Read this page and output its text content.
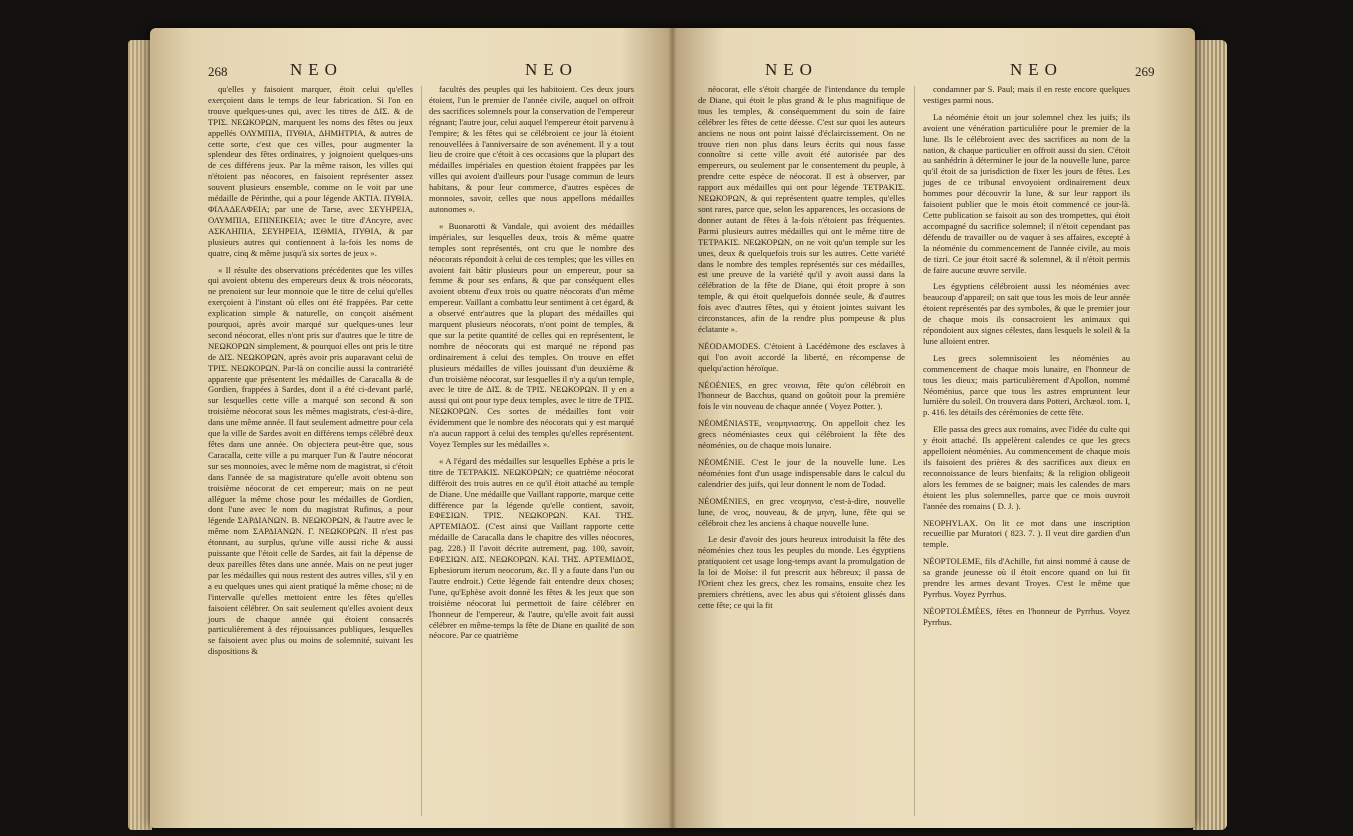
268	NEO	NEO

qu'elles y faisoient marquer, étoit celui qu'elles exerçoient dans le temps de leur fabrication. Si l'on en trouve quelques-unes qui, avec les titres de ΔΙΣ. & de ΤΡΙΣ. ΝΕΩΚΟΡΩΝ, marquent les noms des fêtes ou jeux appellés ΟΛΥΜΠΙΑ, ΠΥΘΙΑ, ΔΗΜΗΤΡΙΑ, & autres de cette sorte, c'est que ces villes, pour augmenter la splendeur des fêtes ordinaires, y joignoient quelques-uns de ces différens jeux. Par la même raison, les villes qui n'étoient pas néocores, en faisoient représenter assez souvent plusieurs ensemble, comme on le voit par une médaille de Périnthe, qui a pour légende ΑΚΤΙΑ. ΠΥΘΙΑ. ΦΙΛΑΔΕΛΦΕΙΑ; par une de Tarse, avec ΣΕΥΗΡΕΙΑ, ΟΛΥΜΠΙΑ, ΕΠΙΝΕΙΚΕΙΑ; avec le titre d'Ancyre, avec ΑΣΚΛΗΠΙΑ, ΣΕΥΗΡΕΙΑ, ΙΣΘΜΙΑ, ΠΥΘΙΑ, & par plusieurs autres qui contiennent à la-fois les noms de quatre, cinq & même jusqu'à six sortes de jeux ».

« Il résulte des observations précédentes que les villes qui avoient obtenu des empereurs deux & trois néocorats, ne prenoient sur leur monnoie que le titre de celui qu'elles exerçoient à l'instant où elles ont été frappées. Par cette explication simple & naturelle, on conçoit aisément pourquoi, après avoir marqué sur quelques-unes leur second néocorat, elles n'ont pris sur d'autres que le titre de ΝΕΩΚΟΡΩΝ simplement, & pourquoi elles ont pris le titre de ΔΙΣ. ΝΕΩΚΟΡΩΝ, après avoir pris auparavant celui de ΤΡΙΣ. ΝΕΩΚΟΡΩΝ. Par-là on concilie aussi la contrariété apparente que présentent les médailles de Caracalla & de Gordien, frappées à Sardes, dont il a été ci-devant parlé, sur lesquelles cette ville a marqué son second & son troisième néocorat sous les mêmes magistrats, c'est-à-dire, dans une même année. Il faut seulement admettre pour cela que la ville de Sardes avoit en différens temps célébré deux fêtes dans une année. On objectera peut-être que, sous Caracalla, cette ville a pu marquer l'un & l'autre néocorat sur ses monnoies, avec le même nom de magistrat, si c'étoit dans l'année de sa magistrature qu'elle avoit obtenu son troisième néocorat de cet empereur; mais on ne peut alléguer la même chose pour les médailles de Gordien, dont l'une avec le nom du magistrat Rufinus, a pour légende ΣΑΡΔΙΑΝΩΝ. Β. ΝΕΩΚΟΡΩΝ, & l'autre avec le même nom ΣΑΡΔΙΑΝΩΝ. Γ. ΝΕΩΚΟΡΩΝ. Il n'est pas étonnant, au surplus, qu'une ville aussi riche & aussi puissante que l'étoit celle de Sardes, ait fait la dépense de deux pareilles fêtes dans une année. Mais on ne peut juger par les médailles qui nous restent des autres villes, s'il y en a eu quelques unes qui aient pratiqué la même chose; ni de l'intervalle qu'elles mettoient entre les fêtes qu'elles faisoient célébrer. On sait seulement qu'elles avoient deux jours de chaque année qui étoient consacrés particulièrement à des réjouissances publiques, lesquelles se faisoient avec plus ou moins de solemnité, suivant les dispositions &

facultés des peuples qui les habitoient. Ces deux jours étoient, l'un le premier de l'année civile, auquel on offroit des sacrifices solemnels pour la conservation de l'empereur régnant; l'autre jour, celui auquel l'empereur étoit parvenu à l'empire; & les fêtes qui se célébroient ce jour là étoient renouvellées à l'anniversaire de son avénement. Il y a tout lieu de croire que c'étoit à ces occasions que la plupart des médailles impériales en question étoient frappées par les villes qui avoient d'ailleurs pour l'usage commun de leurs habitans, & pour leur commerce, d'autres espèces de monnoies, savoir, celles que nous appellons médailles autonomes ».

« Buonarotti & Vandale, qui avoient des médailles impériales, sur lesquelles deux, trois & même quatre temples sont représentés, ont cru que le nombre des néocorats répondoit à celui de ces temples; que les villes en avoient fait bâtir plusieurs pour un empereur, pour sa femme & pour ses enfans, & que par conséquent elles avoient obtenu d'eux trois ou quatre néocorats d'un même empereur. Vaillant a combattu leur sentiment à cet égard, & a observé entr'autres que la plupart des médailles qui marquent plusieurs néocorats, n'ont point de temples, & que sur la petite quantité de celles qui en représentent, le nombre de néocorats qui est marqué ne répond pas ordinairement à celui des temples. On trouve en effet plusieurs médailles de villes jouissant d'un deuxième & d'un troisième néocorat, sur lesquelles il n'y a qu'un temple, avec le titre de ΔΙΣ. & de ΤΡΙΣ. ΝΕΩΚΟΡΩΝ. Il y en a aussi qui ont pour type deux temples, avec le titre de ΤΡΙΣ. ΝΕΩΚΟΡΩΝ. Ces sortes de médailles font voir évidemment que le nombre des néocorats qui y est marqué n'a aucun rapport à celui des temples qu'elles représentent. Voyez Temples sur les médailles ».

« A l'égard des médailles sur lesquelles Ephèse a pris le titre de ΤΕΤΡΑΚΙΣ. ΝΕΩΚΟΡΩΝ; ce quatrième néocorat différoit des trois autres en ce qu'il étoit attaché au temple de Diane. Une médaille que Vaillant rapporte, marque cette différence par la légende qu'elle contient, savoir, ΕΦΕΣΙΩΝ. ΤΡΙΣ. ΝΕΩΚΟΡΩΝ. ΚΑΙ. ΤΗΣ. ΑΡΤΕΜΙΔΟΣ. (C'est ainsi que Vaillant rapporte cette médaille de Caracalla dans le chapitre des villes néocores, pag. 228.) Il l'avoit décrite autrement, pag. 100, savoir, ΕΦΕΣΙΩΝ. ΔΙΣ. ΝΕΩΚΟΡΩΝ. ΚΑΙ. ΤΗΣ. ΑΡΤΕΜΙΔΟΣ, Ephesiorum iterum neocorum, &c. Il y a faute dans l'un ou l'autre endroit.) Cette légende fait entendre deux choses; l'une, qu'Ephèse avoit donné les fêtes & les jeux que son troisième néocorat lui permettoit de faire célébrer en l'honneur de l'empereur, & l'autre, qu'elle avoit fait aussi célébrer en même-temps la fête de Diane en qualité de son néocore. Par ce quatrième

NEO	NEO	269

néocorat, elle s'étoit chargée de l'intendance du temple de Diane, qui étoit le plus grand & le plus magnifique de tous les temples, & conséquemment du soin de faire célébrer les fêtes de cette déesse. C'est sur quoi les auteurs anciens ne nous ont point laissé d'éclaircissement. On ne trouve rien non plus dans leurs écrits qui nous fasse connoître si cette ville avoit été autorisée par des empereurs, ou seulement par le consentement du peuple, à prendre cette espèce de néocorat. Il est à observer, par rapport aux médailles qui ont pour légende ΤΕΤΡΑΚΙΣ. ΝΕΩΚΟΡΩΝ, & qui représentent quatre temples, qu'elles sont rares, parce que, selon les apparences, les occasions de donner autant de fêtes à la-fois n'étoient pas fréquentes. Parmi plusieurs autres médailles qui ont le même titre de ΤΕΤΡΑΚΙΣ. ΝΕΩΚΟΡΩΝ, on ne voit qu'un temple sur les unes, deux & quelquefois trois sur les autres. Cette variété dans le nombre des temples représentés sur ces médailles, est une preuve de la variété qu'il y avoit aussi dans la célébration de la fête de Diane, qui étoit propre à son temple, & qui étoit quelquefois donnée seule, & d'autres fois avec d'autres fêtes, qui y étoient jointes suivant les circonstances, afin de la rendre plus pompeuse & plus éclatante ».

NÉODAMODES. C'étoient à Lacédémone des esclaves à qui l'on avoit accordé la liberté, en récompense de quelqu'action héroïque.

NÉOÉNIES, en grec νεοινια, fête qu'on célébroit en l'honneur de Bacchus, quand on goûtoit pour la première fois le vin nouveau de chaque année ( Voyez Potter. ).

NÉOMÉNIASTE, νεομηνιαστης. On appelloit chez les grecs néoméniastes ceux qui célébroient la fête des néoménies, ou de chaque mois lunaire.

NÉOMÉNIE. C'est le jour de la nouvelle lune. Les néoménies font d'un usage indispensable dans le calcul du calendrier des juifs, qui leur donnent le nom de Todad.

NÉOMÉNIES, en grec νεομηνια, c'est-à-dire, nouvelle lune, de νεος, nouveau, & de μηνη, lune, fête qui se célébroit chez les anciens à chaque nouvelle lune.

Le desir d'avoir des jours heureux introduisit la fête des néoménies chez tous les peuples du monde. Les égyptiens pratiquoient cet usage long-temps avant la promulgation de la loi de Moïse: il fut prescrit aux hébreux; il passa de l'Orient chez les grecs, chez les romains, ensuite chez les premiers chrétiens, avec les abus qui s'étoient glissés dans cette fête; ce qui la fit

condamner par S. Paul; mais il en reste encore quelques vestiges parmi nous.

La néoménie étoit un jour solemnel chez les juifs; ils avoient une vénération particulière pour le premier de la lune. Ils le célébroient avec des sacrifices au nom de la nation, & chaque particulier en offroit aussi du sien. C'étoit au sanhédrin à déterminer le jour de la nouvelle lune, parce qu'il étoit de sa jurisdiction de fixer les jours de fêtes. Les juges de ce tribunal envoyoient ordinairement deux hommes pour découvrir la lune, & sur leur rapport ils faisoient publier que le mois étoit commencé ce jour-là. Cette publication se faisoit au son des trompettes, qui étoit accompagné du sacrifice solemnel; il n'étoit cependant pas défendu de travailler ou de vaquer à ses affaires, excepté à la néoménie du commencement de l'année civile, au mois de tizri. Ce jour étoit sacré & solemnel, & il n'étoit permis de faire aucune œuvre servile.

Les égyptiens célébroient aussi les néoménies avec beaucoup d'appareil; on sait que tous les mois de leur année étoient représentés par des symboles, & que le premier jour de chaque mois ils consacroient les animaux qui répondoient aux signes célestes, dans lesquels le soleil & la lune alloient entrer.

Les grecs solemnisoient les néoménies au commencement de chaque mois lunaire, en l'honneur de tous les dieux; mais particulièrement d'Apollon, nommé Néoménius, parce que tous les astres empruntent leur lumière du soleil. On trouvera dans Potteri, Archæol. tom. I, p. 416. les détails des cérémonies de cette fête.

Elle passa des grecs aux romains, avec l'idée du culte qui y étoit attaché. Ils appelèrent calendes ce que les grecs appelloient néoménies. Au commencement de chaque mois ils faisoient des prières & des sacrifices aux dieux en reconnoissance de leurs bienfaits; & la religion obligeoit alors les femmes de se baigner; mais les calendes de mars étoient les plus solemnelles, parce que ce mois ouvroit l'année des romains ( D. J. ).

NEOPHYLAX. On lit ce mot dans une inscription recueillie par Muratori ( 823. 7. ). Il veut dire gardien d'un temple.

NÉOPTOLEME, fils d'Achille, fut ainsi nommé à cause de sa grande jeunesse où il étoit encore quand on lui fit prendre les armes devant Troyes. C'est le même que Pyrrhus. Voyez Pyrrhus.

NÉOPTOLÉMÉES, fêtes en l'honneur de Pyrrhus. Voyez Pyrrhus.
